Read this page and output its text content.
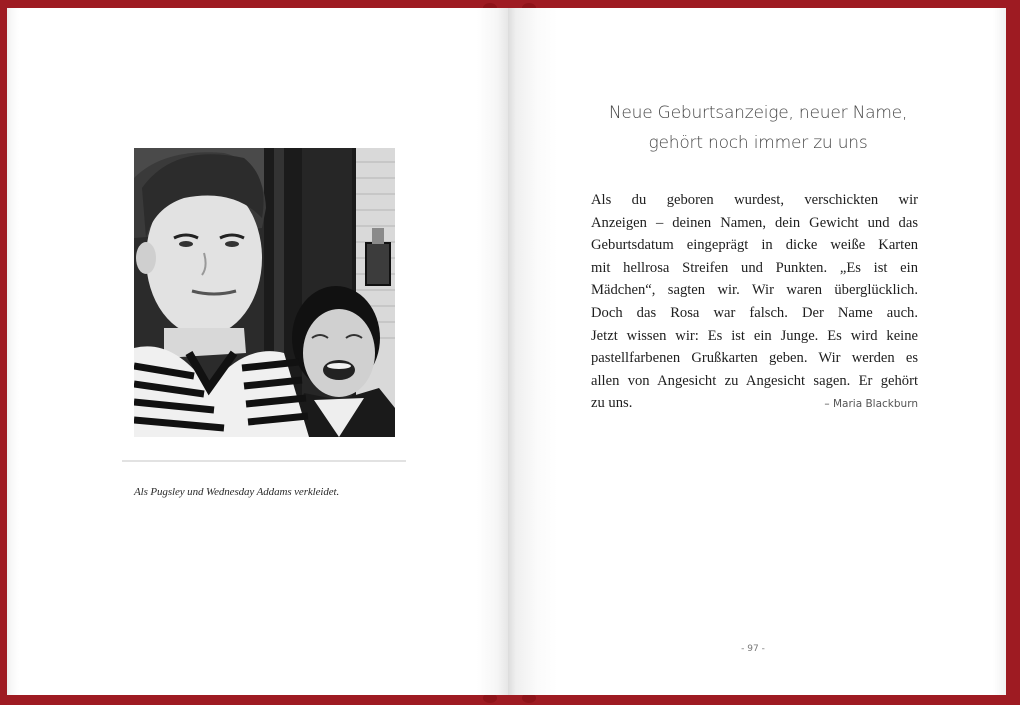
Als Pugsley und Wednesday Addams verkleidet.
Neue Geburtsanzeige, neuer Name,
gehört noch immer zu uns
Als du geboren wurdest, verschickten wir
Anzeigen – deinen Namen, dein Gewicht und das
Geburtsdatum eingeprägt in dicke weiße Karten
mit hellrosa Streifen und Punkten. „Es ist ein
Mädchen“, sagten wir. Wir waren überglücklich.
Doch das Rosa war falsch. Der Name auch.
Jetzt wissen wir: Es ist ein Junge. Es wird keine
pastellfarbenen Grußkarten geben. Wir werden es
allen von Angesicht zu Angesicht sagen. Er gehört
zu uns.	– Maria Blackburn
- 97 -
